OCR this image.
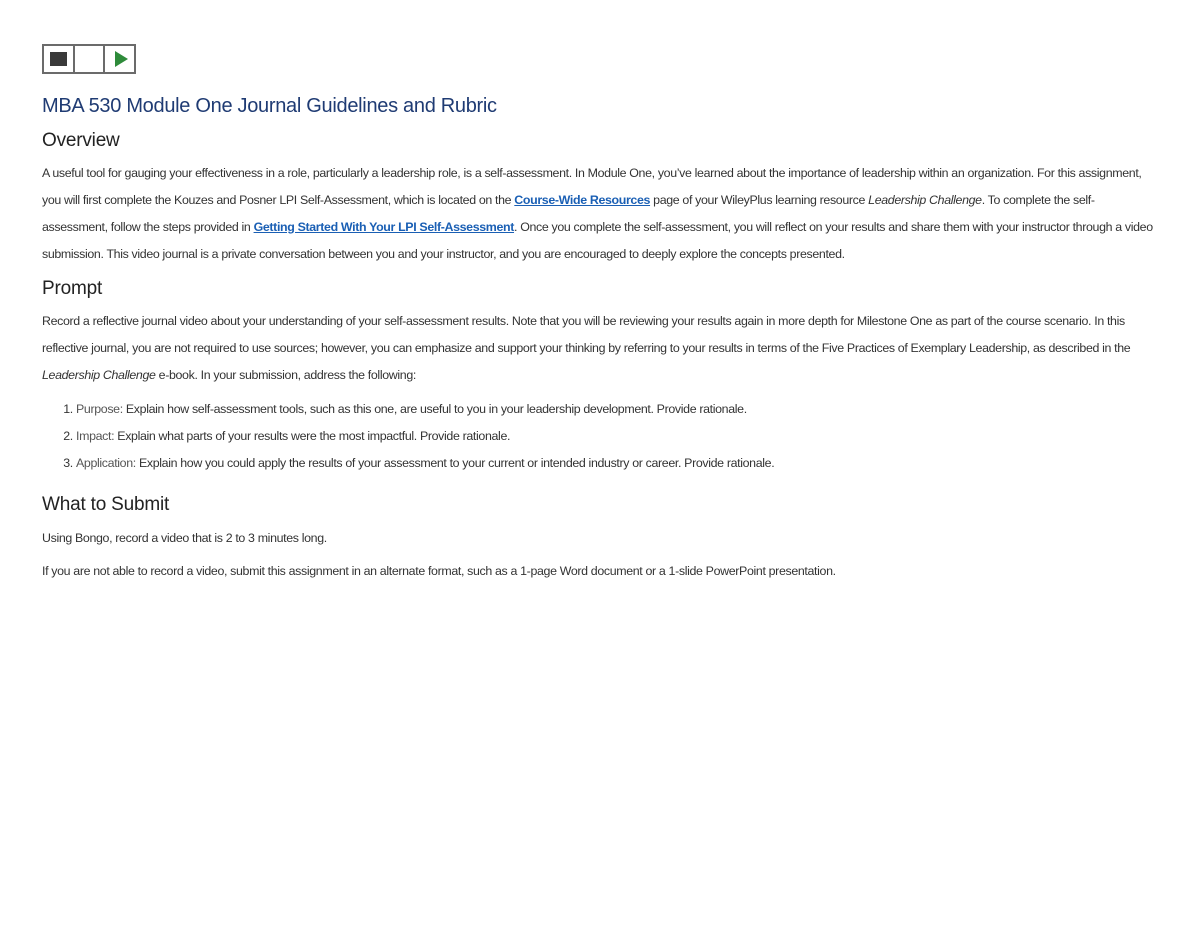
MBA 530 Module One Journal Guidelines and Rubric
Overview

A useful tool for gauging your effectiveness in a role, particularly a leadership role, is a self-assessment. In Module One, you’ve learned about the importance of leadership within an organization. For this assignment, you will first complete the Kouzes and Posner LPI Self-Assessment, which is located on the Course-Wide Resources page of your WileyPlus learning resource Leadership Challenge. To complete the self-assessment, follow the steps provided in Getting Started With Your LPI Self-Assessment. Once you complete the self-assessment, you will reflect on your results and share them with your instructor through a video submission. This video journal is a private conversation between you and your instructor, and you are encouraged to deeply explore the concepts presented.

Prompt

Record a reflective journal video about your understanding of your self-assessment results. Note that you will be reviewing your results again in more depth for Milestone One as part of the course scenario. In this reflective journal, you are not required to use sources; however, you can emphasize and support your thinking by referring to your results in terms of the Five Practices of Exemplary Leadership, as described in the Leadership Challenge e-book. In your submission, address the following:

1. Purpose: Explain how self-assessment tools, such as this one, are useful to you in your leadership development. Provide rationale.
2. Impact: Explain what parts of your results were the most impactful. Provide rationale.
3. Application: Explain how you could apply the results of your assessment to your current or intended industry or career. Provide rationale.
What to Submit

Using Bongo, record a video that is 2 to 3 minutes long.

If you are not able to record a video, submit this assignment in an alternate format, such as a 1-page Word document or a 1-slide PowerPoint presentation.
